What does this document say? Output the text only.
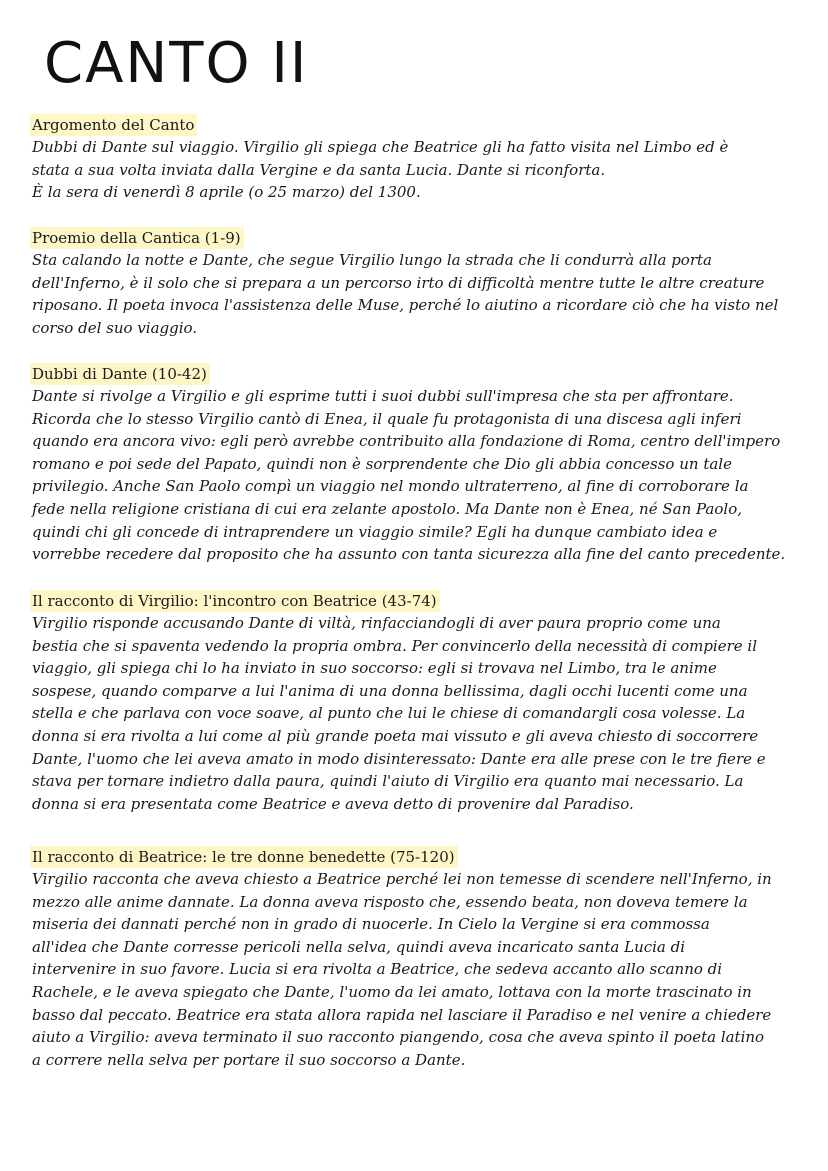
CANTO II
Argomento del Canto

Dubbi di Dante sul viaggio. Virgilio gli spiega che Beatrice gli ha fatto visita nel Limbo ed è
stata a sua volta inviata dalla Vergine e da santa Lucia. Dante si riconforta.
È la sera di venerdì 8 aprile (o 25 marzo) del 1300.

Proemio della Cantica (1-9)

Sta calando la notte e Dante, che segue Virgilio lungo la strada che li condurrà alla porta
dell'Inferno, è il solo che si prepara a un percorso irto di difficoltà mentre tutte le altre creature
riposano. Il poeta invoca l'assistenza delle Muse, perché lo aiutino a ricordare ciò che ha visto nel
corso del suo viaggio.

Dubbi di Dante (10-42)

Dante si rivolge a Virgilio e gli esprime tutti i suoi dubbi sull'impresa che sta per affrontare.
Ricorda che lo stesso Virgilio cantò di Enea, il quale fu protagonista di una discesa agli inferi
quando era ancora vivo: egli però avrebbe contribuito alla fondazione di Roma, centro dell'impero
romano e poi sede del Papato, quindi non è sorprendente che Dio gli abbia concesso un tale
privilegio. Anche San Paolo compì un viaggio nel mondo ultraterreno, al fine di corroborare la
fede nella religione cristiana di cui era zelante apostolo. Ma Dante non è Enea, né San Paolo,
quindi chi gli concede di intraprendere un viaggio simile? Egli ha dunque cambiato idea e
vorrebbe recedere dal proposito che ha assunto con tanta sicurezza alla fine del canto precedente.

Il racconto di Virgilio: l'incontro con Beatrice (43-74)

Virgilio risponde accusando Dante di viltà, rinfacciandogli di aver paura proprio come una
bestia che si spaventa vedendo la propria ombra. Per convincerlo della necessità di compiere il
viaggio, gli spiega chi lo ha inviato in suo soccorso: egli si trovava nel Limbo, tra le anime
sospese, quando comparve a lui l'anima di una donna bellissima, dagli occhi lucenti come una
stella e che parlava con voce soave, al punto che lui le chiese di comandargli cosa volesse. La
donna si era rivolta a lui come al più grande poeta mai vissuto e gli aveva chiesto di soccorrere
Dante, l'uomo che lei aveva amato in modo disinteressato: Dante era alle prese con le tre fiere e
stava per tornare indietro dalla paura, quindi l'aiuto di Virgilio era quanto mai necessario. La
donna si era presentata come Beatrice e aveva detto di provenire dal Paradiso.

Il racconto di Beatrice: le tre donne benedette (75-120)

Virgilio racconta che aveva chiesto a Beatrice perché lei non temesse di scendere nell'Inferno, in
mezzo alle anime dannate. La donna aveva risposto che, essendo beata, non doveva temere la
miseria dei dannati perché non in grado di nuocerle. In Cielo la Vergine si era commossa
all'idea che Dante corresse pericoli nella selva, quindi aveva incaricato santa Lucia di
intervenire in suo favore. Lucia si era rivolta a Beatrice, che sedeva accanto allo scanno di
Rachele, e le aveva spiegato che Dante, l'uomo da lei amato, lottava con la morte trascinato in
basso dal peccato. Beatrice era stata allora rapida nel lasciare il Paradiso e nel venire a chiedere
aiuto a Virgilio: aveva terminato il suo racconto piangendo, cosa che aveva spinto il poeta latino
a correre nella selva per portare il suo soccorso a Dante.
